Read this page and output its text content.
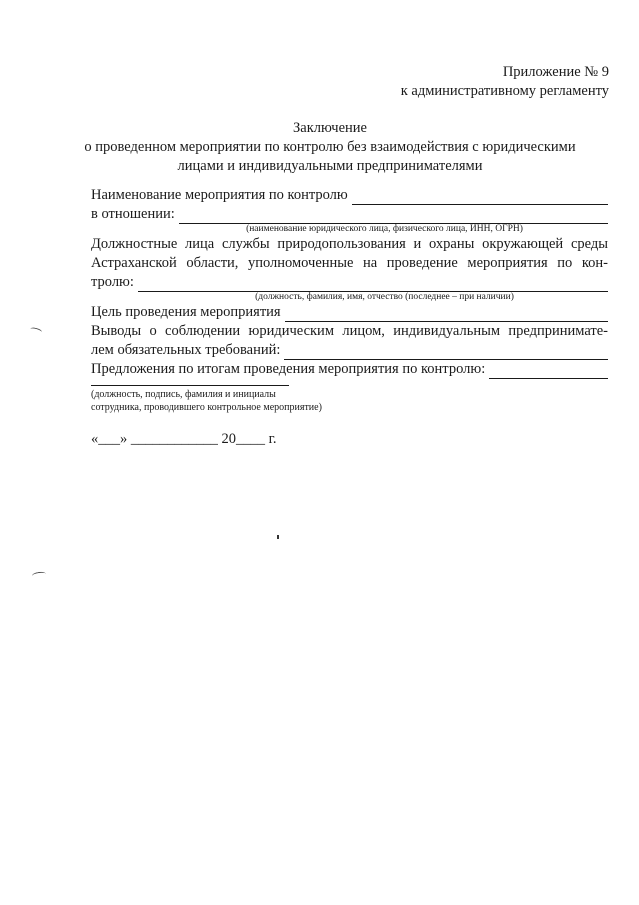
Приложение № 9
к административному регламенту
Заключение
о проведенном мероприятии по контролю без взаимодействия с юридическими
лицами и индивидуальными предпринимателями
Наименование мероприятия по контролю
в отношении:
(наименование юридического лица, физического лица, ИНН, ОГРН)
Должностные лица службы природопользования и охраны окружающей среды
Астраханской области, уполномоченные на проведение мероприятия по кон-
тролю:
(должность, фамилия, имя, отчество (последнее – при наличии)
Цель проведения мероприятия
Выводы о соблюдении юридическим лицом, индивидуальным предпринимате-
лем обязательных требований:
Предложения по итогам проведения мероприятия по контролю:
(должность, подпись, фамилия и инициалы
сотрудника, проводившего контрольное мероприятие)
«___» ____________ 20____ г.
